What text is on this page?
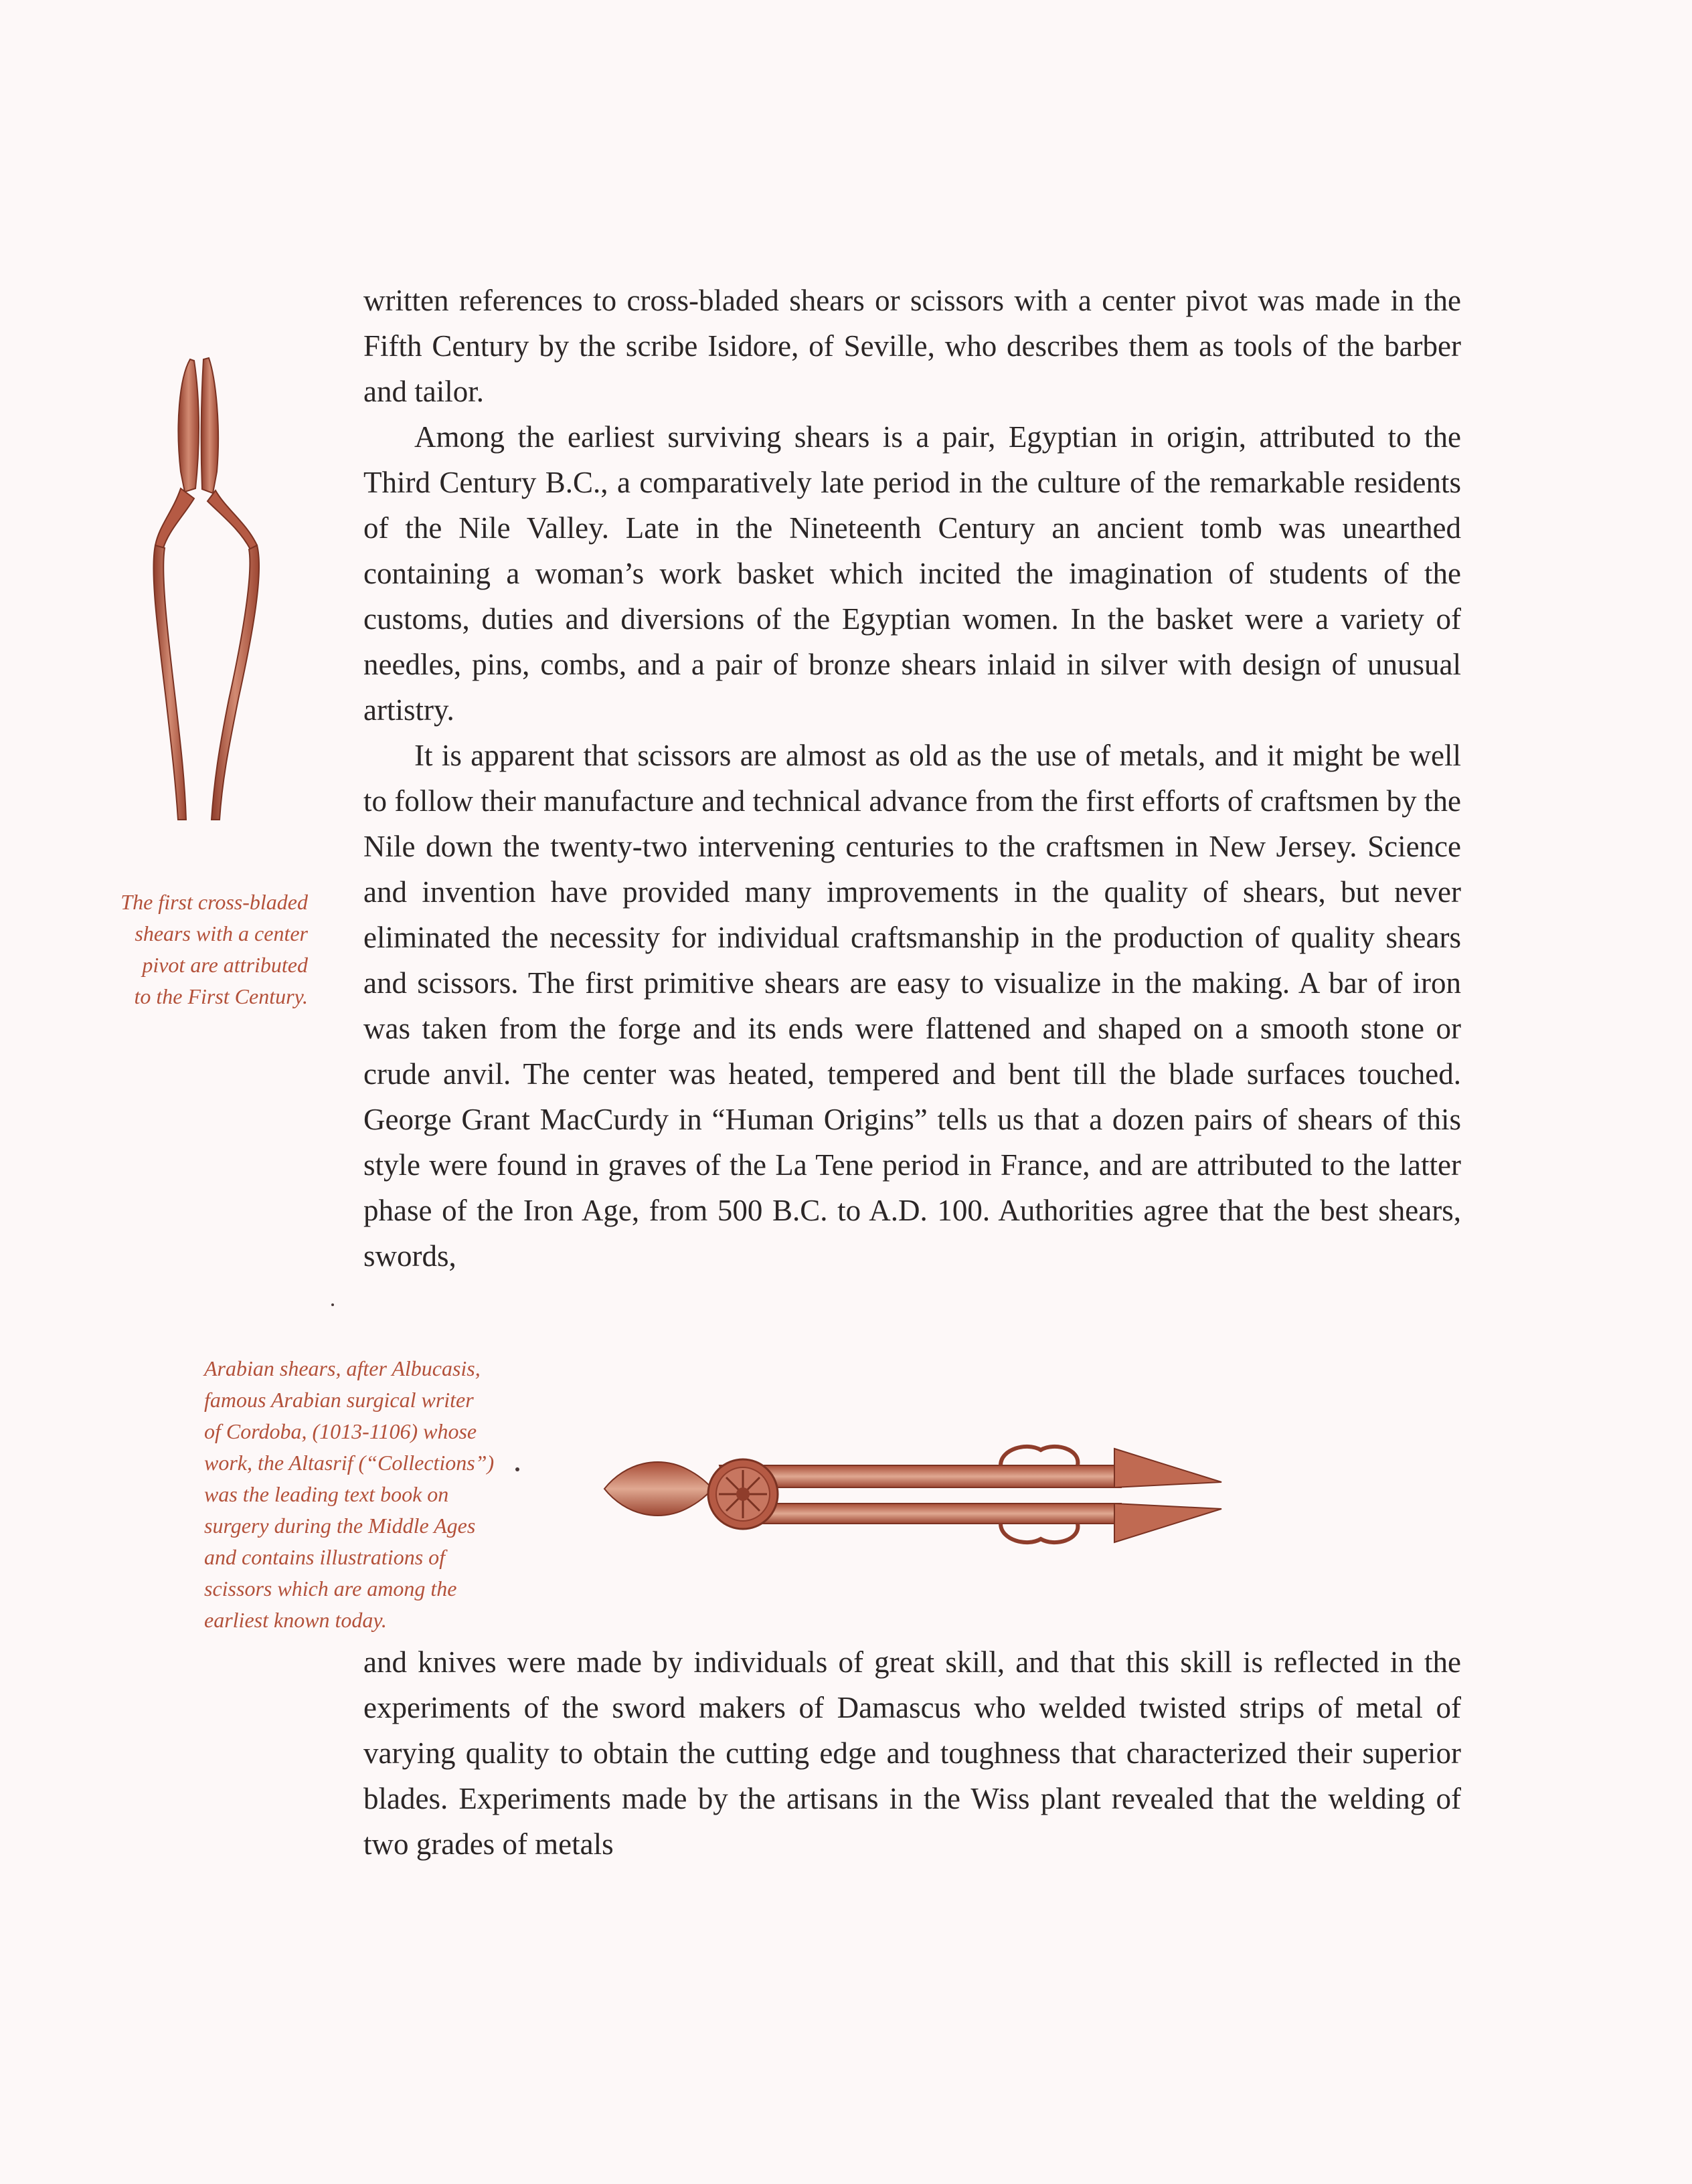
written references to cross-bladed shears or scissors with a center pivot was made in the Fifth Century by the scribe Isidore, of Seville, who describes them as tools of the barber and tailor.

Among the earliest surviving shears is a pair, Egyptian in origin, attributed to the Third Century B.C., a comparatively late period in the culture of the remarkable residents of the Nile Valley. Late in the Nineteenth Century an ancient tomb was unearthed containing a woman’s work basket which incited the imagination of students of the customs, duties and diversions of the Egyptian women. In the basket were a variety of needles, pins, combs, and a pair of bronze shears inlaid in silver with design of unusual artistry.

It is apparent that scissors are almost as old as the use of metals, and it might be well to follow their manufacture and technical advance from the first efforts of craftsmen by the Nile down the twenty-two intervening centuries to the craftsmen in New Jersey. Science and invention have provided many improvements in the quality of shears, but never eliminated the necessity for individual craftsmanship in the production of quality shears and scissors. The first primitive shears are easy to visualize in the making. A bar of iron was taken from the forge and its ends were flattened and shaped on a smooth stone or crude anvil. The center was heated, tempered and bent till the blade surfaces touched. George Grant MacCurdy in “Human Origins” tells us that a dozen pairs of shears of this style were found in graves of the La Tene period in France, and are attributed to the latter phase of the Iron Age, from 500 B.C. to A.D. 100. Authorities agree that the best shears, swords,

The first cross-bladed
shears with a center
pivot are attributed
to the First Century.
Arabian shears, after Albucasis,
famous Arabian surgical writer
of Cordoba, (1013-1106) whose
work, the Altasrif (“Collections”)
was the leading text book on
surgery during the Middle Ages
and contains illustrations of
scissors which are among the
earliest known today.

and knives were made by individuals of great skill, and that this skill is reflected in the experiments of the sword makers of Damascus who welded twisted strips of metal of varying quality to obtain the cutting edge and toughness that characterized their superior blades. Experiments made by the artisans in the Wiss plant revealed that the welding of two grades of metals
